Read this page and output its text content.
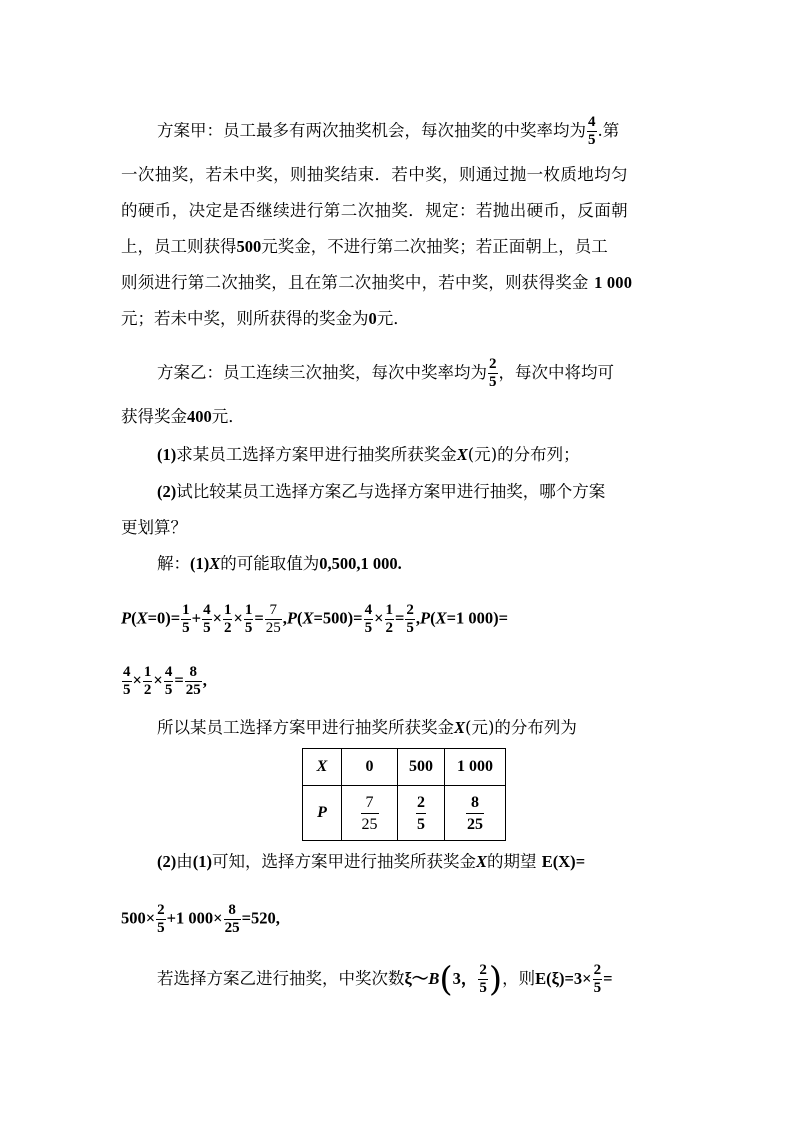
方案甲：员工最多有两次抽奖机会，每次抽奖的中奖率均为 $\frac{4}{5}$ .第
一次抽奖，若未中奖，则抽奖结束．若中奖，则通过抛一枚质地均匀
的硬币，决定是否继续进行第二次抽奖．规定：若抛出硬币，反面朝
上，员工则获得500元奖金，不进行第二次抽奖；若正面朝上，员工
则须进行第二次抽奖，且在第二次抽奖中，若中奖，则获得奖金 1 000
元；若未中奖，则所获得的奖金为0元．
方案乙：员工连续三次抽奖，每次中奖率均为 $\frac{2}{5}$ ，每次中将均可
获得奖金400元．
(1)求某员工选择方案甲进行抽奖所获奖金X(元)的分布列；
(2)试比较某员工选择方案乙与选择方案甲进行抽奖，哪个方案
更划算？
解：(1)X的可能取值为0,500,1 000.
$P(X=0)= \frac{1}{5} + \frac{4}{5} \times \frac{1}{2} \times \frac{1}{5} = \frac{7}{25} ,P(X=500)= \frac{4}{5} \times \frac{1}{2} = \frac{2}{5} ,P(X=1$ 000)=
$\frac{4}{5} \times \frac{1}{2} \times \frac{4}{5} = \frac{8}{25}$ ,
所以某员工选择方案甲进行抽奖所获奖金X(元)的分布列为
X	0	500	1 000
P	$\frac{7}{25}$	$\frac{2}{5}$	$\frac{8}{25}$
(2)由(1)可知，选择方案甲进行抽奖所获奖金X的期望 E(X)=
$500\times \frac{2}{5} +1$ $000\times \frac{8}{25} =520$,
若选择方案乙进行抽奖，中奖次数ξ～B(3， $\frac{2}{5}$ )，则$E(\xi)=3\times \frac{2}{5}$ =
